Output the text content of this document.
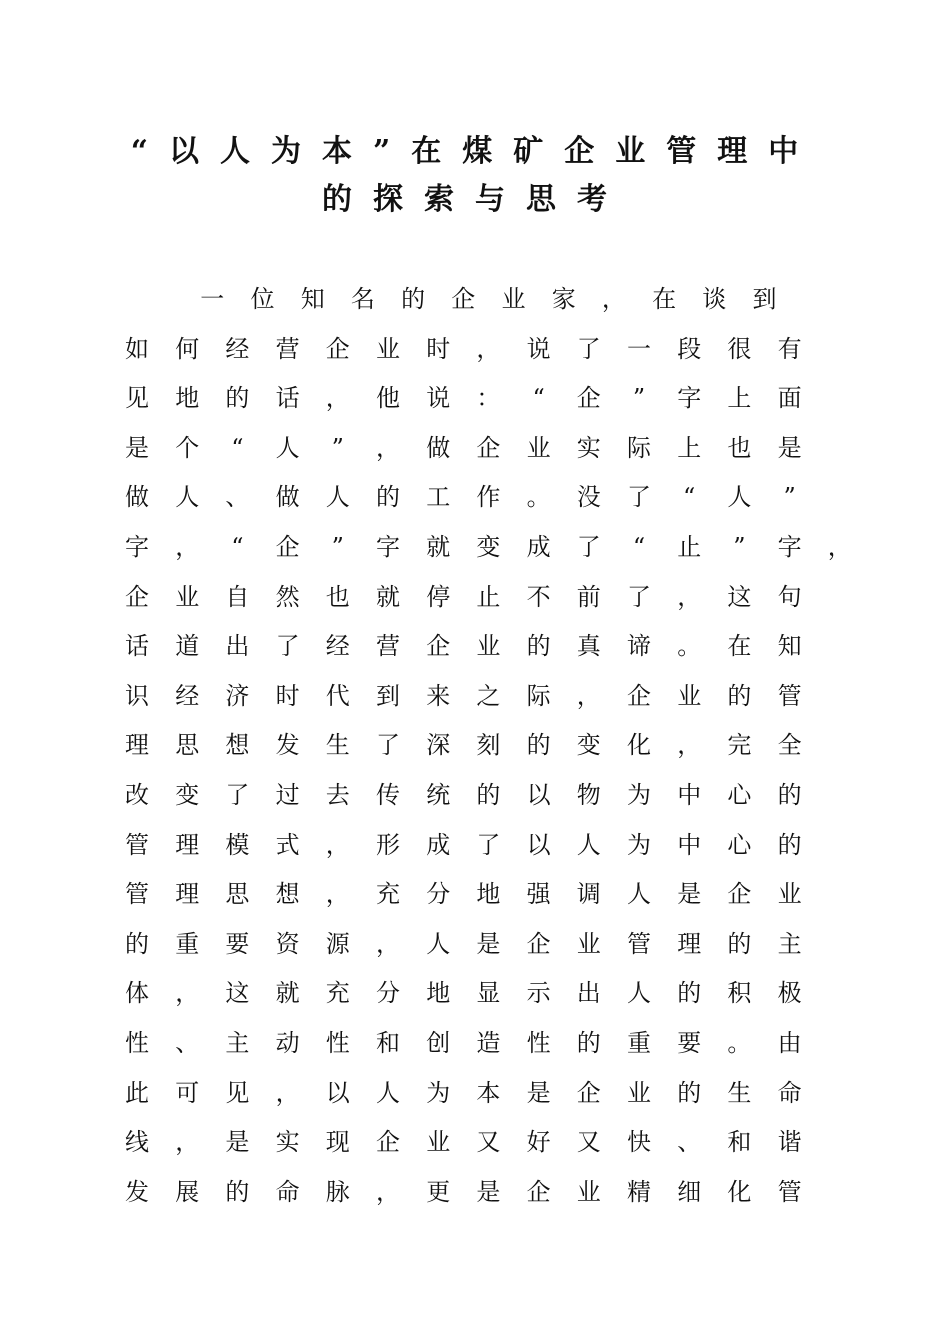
“以人为本”在煤矿企业管理中
的探索与思考
一 位 知 名 的 企 业 家 ， 在 谈 到
如 何 经 营 企 业 时 ， 说 了 一 段 很 有
见 地 的 话 ， 他 说 ：	“	企	”	字 上 面
是 个	“	人	”	， 做 企 业 实 际 上 也 是
做 人 、 做 人 的 工 作 。 没 了	“	人	”
字 ，	“	企	”	字 就 变 成 了	“	止	”	字 ，
企 业 自 然 也 就 停 止 不 前 了 ， 这 句
话 道 出 了 经 营 企 业 的 真 谛 。 在 知
识 经 济 时 代 到 来 之 际 ， 企 业 的 管
理 思 想 发 生 了 深 刻 的 变 化 ， 完 全
改 变 了 过 去 传 统 的 以 物 为 中 心 的
管 理 模 式 ， 形 成 了 以 人 为 中 心 的
管 理 思 想 ， 充 分 地 强 调 人 是 企 业
的 重 要 资 源 ， 人 是 企 业 管 理 的 主
体 ， 这 就 充 分 地 显 示 出 人 的 积 极
性 、 主 动 性 和 创 造 性 的 重 要 。 由
此 可 见 ， 以 人 为 本 是 企 业 的 生 命
线 ， 是 实 现 企 业 又 好 又 快 、 和 谐
发 展 的 命 脉 ， 更 是 企 业 精 细 化 管
